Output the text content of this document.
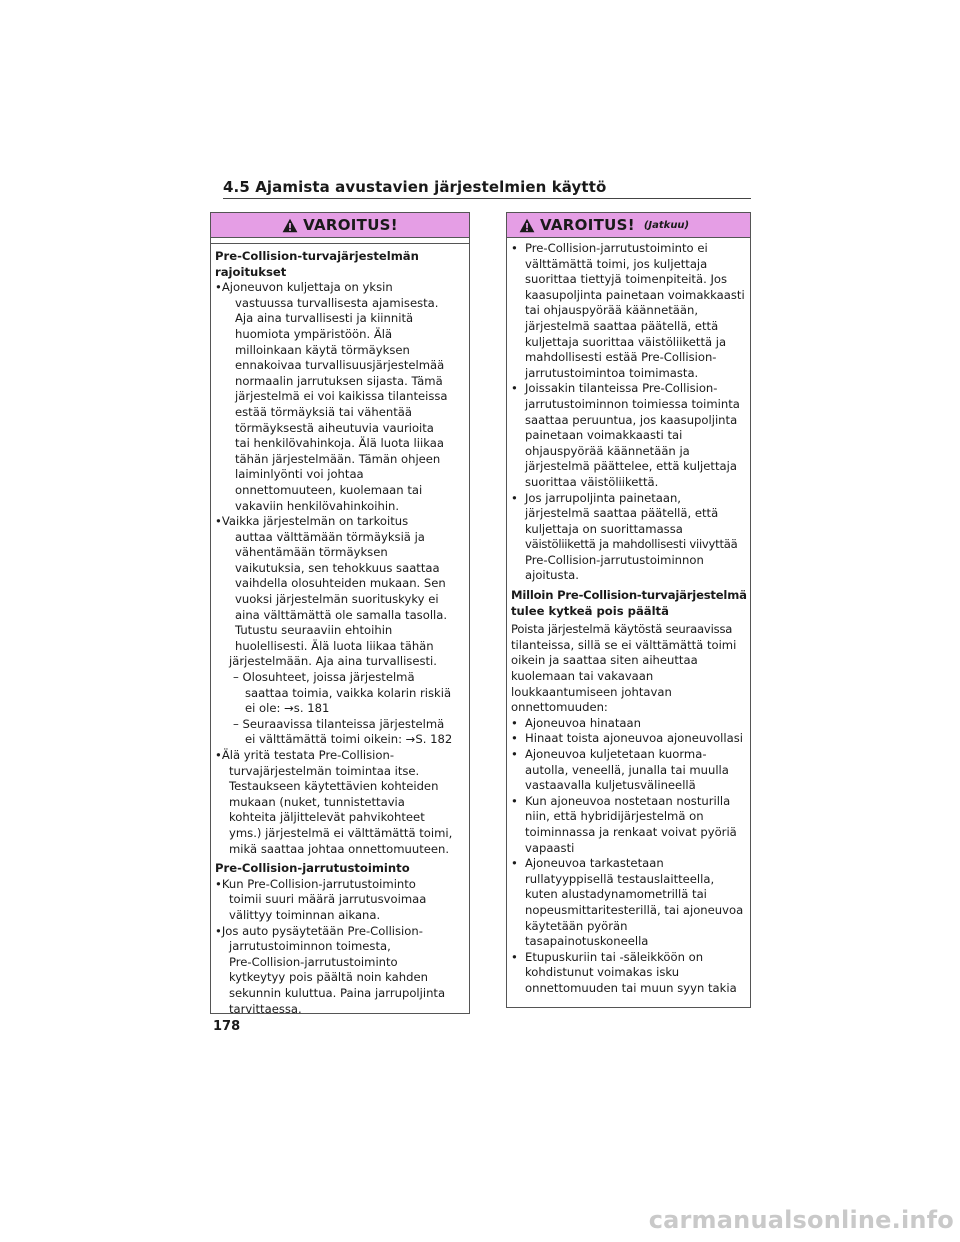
4.5 Ajamista avustavien järjestelmien käyttö
VAROITUS!
Pre-Collision-turvajärjestelmän
rajoitukset
•Ajoneuvon kuljettaja on yksin
vastuussa turvallisesta ajamisesta.
Aja aina turvallisesti ja kiinnitä
huomiota ympäristöön. Älä
milloinkaan käytä törmäyksen
ennakoivaa turvallisuusjärjestelmää
normaalin jarrutuksen sijasta. Tämä
järjestelmä ei voi kaikissa tilanteissa
estää törmäyksiä tai vähentää
törmäyksestä aiheutuvia vaurioita
tai henkilövahinkoja. Älä luota liikaa
tähän järjestelmään. Tämän ohjeen
laiminlyönti voi johtaa
onnettomuuteen, kuolemaan tai
vakaviin henkilövahinkoihin.
•Vaikka järjestelmän on tarkoitus
auttaa välttämään törmäyksiä ja
vähentämään törmäyksen
vaikutuksia, sen tehokkuus saattaa
vaihdella olosuhteiden mukaan. Sen
vuoksi järjestelmän suorituskyky ei
aina välttämättä ole samalla tasolla.
Tutustu seuraaviin ehtoihin
huolellisesti. Älä luota liikaa tähän
järjestelmään. Aja aina turvallisesti.
– Olosuhteet, joissa järjestelmä
saattaa toimia, vaikka kolarin riskiä
ei ole: →s. 181
– Seuraavissa tilanteissa järjestelmä
ei välttämättä toimi oikein: →S. 182
•Älä yritä testata Pre-Collision-
turvajärjestelmän toimintaa itse.
Testaukseen käytettävien kohteiden
mukaan (nuket, tunnistettavia
kohteita jäljittelevät pahvikohteet
yms.) järjestelmä ei välttämättä toimi,
mikä saattaa johtaa onnettomuuteen.
Pre-Collision-jarrutustoiminto
•Kun Pre-Collision-jarrutustoiminto
toimii suuri määrä jarrutusvoimaa
välittyy toiminnan aikana.
•Jos auto pysäytetään Pre-Collision-
jarrutustoiminnon toimesta,
Pre-Collision-jarrutustoiminto
kytkeytyy pois päältä noin kahden
sekunnin kuluttua. Paina jarrupoljinta
tarvittaessa.
VAROITUS! (Jatkuu)
• Pre-Collision-jarrutustoiminto ei
välttämättä toimi, jos kuljettaja
suorittaa tiettyjä toimenpiteitä. Jos
kaasupoljinta painetaan voimakkaasti
tai ohjauspyörää käännetään,
järjestelmä saattaa päätellä, että
kuljettaja suorittaa väistöliikettä ja
mahdollisesti estää Pre-Collision-
jarrutustoimintoa toimimasta.
• Joissakin tilanteissa Pre-Collision-
jarrutustoiminnon toimiessa toiminta
saattaa peruuntua, jos kaasupoljinta
painetaan voimakkaasti tai
ohjauspyörää käännetään ja
järjestelmä päättelee, että kuljettaja
suorittaa väistöliikettä.
• Jos jarrupoljinta painetaan,
järjestelmä saattaa päätellä, että
kuljettaja on suorittamassa
väistöliikettä ja mahdollisesti viivyttää
Pre-Collision-jarrutustoiminnon
ajoitusta.
Milloin Pre-Collision-turvajärjestelmä
tulee kytkeä pois päältä
Poista järjestelmä käytöstä seuraavissa
tilanteissa, sillä se ei välttämättä toimi
oikein ja saattaa siten aiheuttaa
kuolemaan tai vakavaan
loukkaantumiseen johtavan
onnettomuuden:
• Ajoneuvoa hinataan
• Hinaat toista ajoneuvoa ajoneuvollasi
• Ajoneuvoa kuljetetaan kuorma-
autolla, veneellä, junalla tai muulla
vastaavalla kuljetusvälineellä
• Kun ajoneuvoa nostetaan nosturilla
niin, että hybridijärjestelmä on
toiminnassa ja renkaat voivat pyöriä
vapaasti
• Ajoneuvoa tarkastetaan
rullatyyppisellä testauslaitteella,
kuten alustadynamometrillä tai
nopeusmittaritesterillä, tai ajoneuvoa
käytetään pyörän
tasapainotuskoneella
• Etupuskuriin tai -säleikköön on
kohdistunut voimakas isku
onnettomuuden tai muun syyn takia
178
carmanualsonline.info
